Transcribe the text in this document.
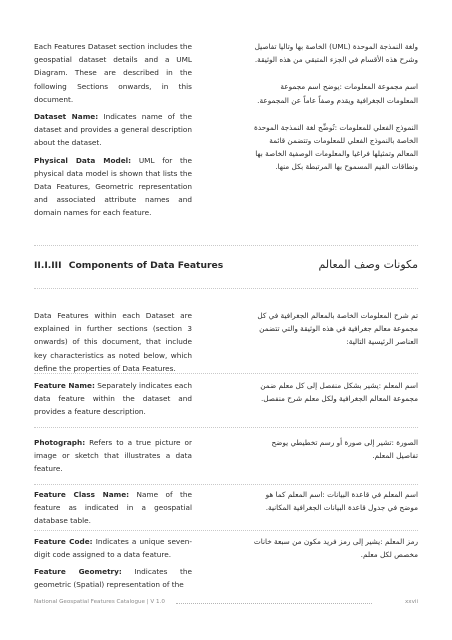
Each Features Dataset section includes the geospatial dataset details and a UML Diagram. These are described in the following Sections onwards, in this document.

Dataset Name: Indicates name of the dataset and provides a general description about the dataset.

Physical Data Model: UML for the physical data model is shown that lists the Data Features, Geometric representation and associated attribute names and domain names for each feature.

ولغة النمذجة الموحدة (UML) الخاصة بها وتاليا تفاصيل وشرح هذه الأقسام في الجزء المتبقي من هذه الوثيقة.

اسم مجموعة المعلومات :يوضح اسم مجموعة المعلومات الجغرافية ويقدم وصفاً عاماً عن المجموعة.

النموذج الفعلي للمعلومات :تُوضِّح لغة النمذجة الموحدة الخاصة بالنموذج الفعلي للمعلومات وتتضمن قائمة المعالم وتمثيلها فراغيا والمعلومات الوصفية الخاصة بها ونطاقات القيم المسموح بها المرتبطة بكل منها.

II.I.III Components of Data Features	مكونات وصف المعالم

Data Features within each Dataset are explained in further sections (section 3 onwards) of this document, that include key characteristics as noted below, which define the properties of Data Features.

تم شرح المعلومات الخاصة بالمعالم الجغرافية في كل مجموعة معالم جغرافية في هذه الوثيقة والتي تتضمن العناصر الرئيسية التالية:

Feature Name: Separately indicates each data feature within the dataset and provides a feature description.

اسم المعلم :يشير بشكل منفصل إلى كل معلم ضمن مجموعة المعالم الجغرافية ولكل معلم شرح منفصل.

Photograph: Refers to a true picture or image or sketch that illustrates a data feature.

الصورة :تشير إلى صورة أو رسم تخطيطي يوضح تفاصيل المعلم.

Feature Class Name: Name of the feature as indicated in a geospatial database table.

اسم المعلم في قاعدة البيانات :اسم المعلم كما هو موضح في جدول قاعدة البيانات الجغرافية المكانية.

Feature Code: Indicates a unique seven-digit code assigned to a data feature.

رمز المعلم :يشير إلى رمز فريد مكون من سبعة خانات مخصص لكل معلم.

Feature Geometry: Indicates the geometric (Spatial) representation of the

National Geospatial Features Catalogue | V 1.0	xxvii
